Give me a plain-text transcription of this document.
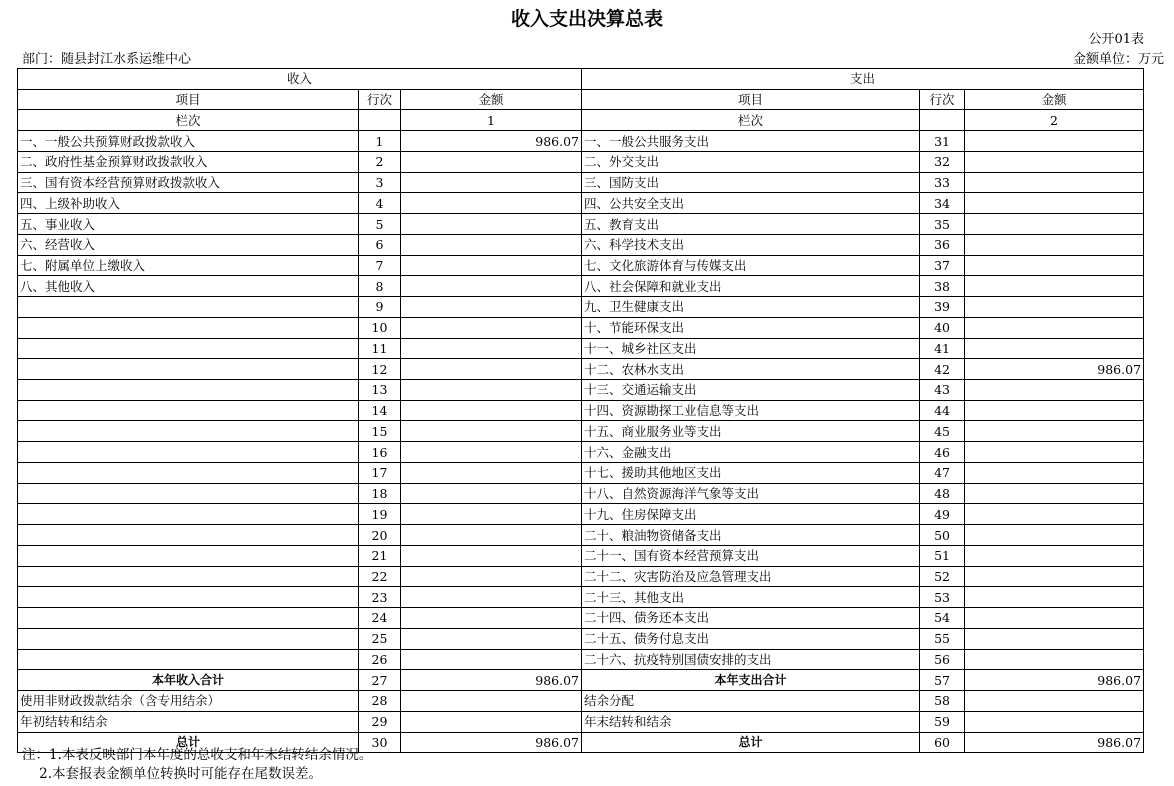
收入支出决算总表
公开01表
部门：随县封江水系运维中心	金额单位：万元
收入			支出		
项目	行次	金额	项目	行次	金额
栏次		1	栏次		2
一、一般公共预算财政拨款收入	1	986.07	一、一般公共服务支出	31	
二、政府性基金预算财政拨款收入	2		二、外交支出	32	
三、国有资本经营预算财政拨款收入	3		三、国防支出	33	
四、上级补助收入	4		四、公共安全支出	34	
五、事业收入	5		五、教育支出	35	
六、经营收入	6		六、科学技术支出	36	
七、附属单位上缴收入	7		七、文化旅游体育与传媒支出	37	
八、其他收入	8		八、社会保障和就业支出	38	
	9		九、卫生健康支出	39	
	10		十、节能环保支出	40	
	11		十一、城乡社区支出	41	
	12		十二、农林水支出	42	986.07
	13		十三、交通运输支出	43	
	14		十四、资源勘探工业信息等支出	44	
	15		十五、商业服务业等支出	45	
	16		十六、金融支出	46	
	17		十七、援助其他地区支出	47	
	18		十八、自然资源海洋气象等支出	48	
	19		十九、住房保障支出	49	
	20		二十、粮油物资储备支出	50	
	21		二十一、国有资本经营预算支出	51	
	22		二十二、灾害防治及应急管理支出	52	
	23		二十三、其他支出	53	
	24		二十四、债务还本支出	54	
	25		二十五、债务付息支出	55	
	26		二十六、抗疫特别国债安排的支出	56	
本年收入合计	27	986.07	本年支出合计	57	986.07
使用非财政拨款结余（含专用结余）	28		结余分配	58	
年初结转和结余	29		年末结转和结余	59	
总计	30	986.07	总计	60	986.07
注：1.本表反映部门本年度的总收支和年末结转结余情况。
2.本套报表金额单位转换时可能存在尾数误差。
